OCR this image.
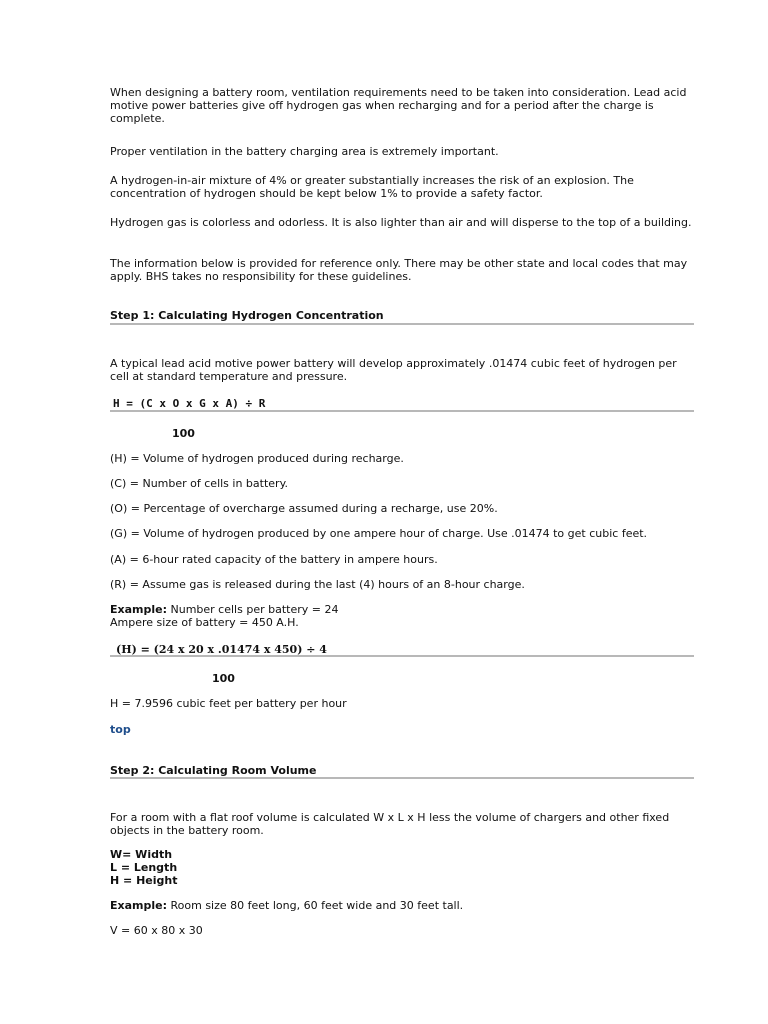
When designing a battery room, ventilation requirements need to be taken into consideration. Lead acid motive power batteries give off hydrogen gas when recharging and for a period after the charge is complete.

Proper ventilation in the battery charging area is extremely important.

A hydrogen-in-air mixture of 4% or greater substantially increases the risk of an explosion. The concentration of hydrogen should be kept below 1% to provide a safety factor.

Hydrogen gas is colorless and odorless. It is also lighter than air and will disperse to the top of a building.

The information below is provided for reference only. There may be other state and local codes that may apply. BHS takes no responsibility for these guidelines.

Step 1: Calculating Hydrogen Concentration

A typical lead acid motive power battery will develop approximately .01474 cubic feet of hydrogen per cell at standard temperature and pressure.

H = (C x O x G x A) ÷ R
100
(H) = Volume of hydrogen produced during recharge.
(C) = Number of cells in battery.
(O) = Percentage of overcharge assumed during a recharge, use 20%.
(G) = Volume of hydrogen produced by one ampere hour of charge. Use .01474 to get cubic feet.
(A) = 6-hour rated capacity of the battery in ampere hours.
(R) = Assume gas is released during the last (4) hours of an 8-hour charge.
Example: Number cells per battery = 24
Ampere size of battery = 450 A.H.
(H) = (24 x 20 x .01474 x 450) ÷ 4
100
H = 7.9596 cubic feet per battery per hour
top
Step 2: Calculating Room Volume

For a room with a flat roof volume is calculated W x L x H less the volume of chargers and other fixed objects in the battery room.

W= Width
L = Length
H = Height
Example: Room size 80 feet long, 60 feet wide and 30 feet tall.
V = 60 x 80 x 30
